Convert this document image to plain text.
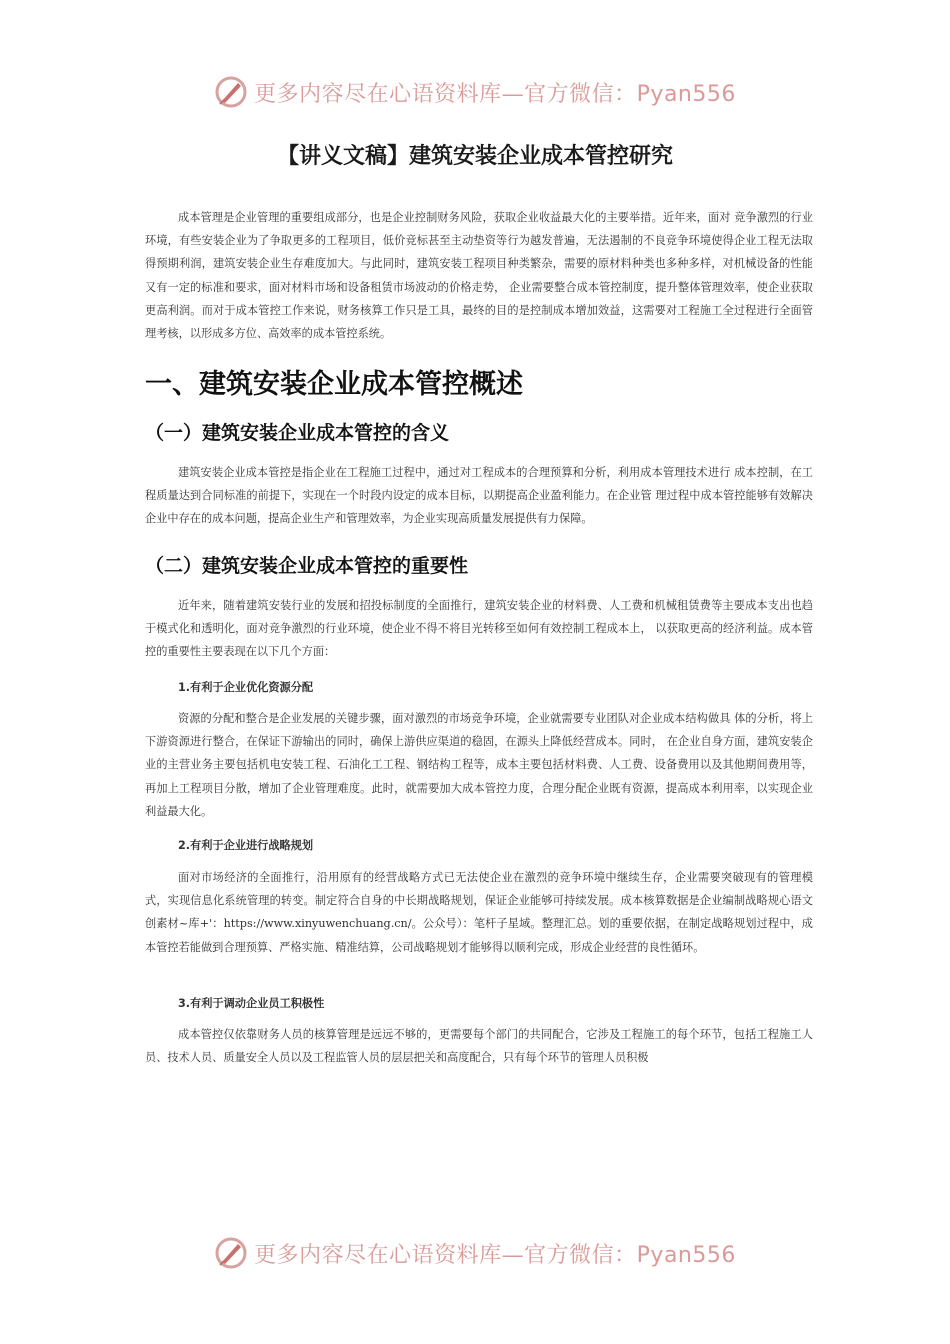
更多内容尽在心语资料库—官方微信：Pyan556
【讲义文稿】建筑安装企业成本管控研究

成本管理是企业管理的重要组成部分，也是企业控制财务风险，获取企业收益最大化的主要举措。近年来，面对 竞争激烈的行业环境，有些安装企业为了争取更多的工程项目，低价竞标甚至主动垫资等行为越发普遍，无法遏制的不良竞争环境使得企业工程无法取得预期利润，建筑安装企业生存难度加大。与此同时，建筑安装工程项目种类繁杂，需要的原材料种类也多种多样，对机械设备的性能又有一定的标准和要求，面对材料市场和设备租赁市场波动的价格走势， 企业需要整合成本管控制度，提升整体管理效率，使企业获取更高利润。而对于成本管控工作来说，财务核算工作只是工具，最终的目的是控制成本增加效益，这需要对工程施工全过程进行全面管理考核，以形成多方位、高效率的成本管控系统。

一、建筑安装企业成本管控概述
（一）建筑安装企业成本管控的含义

建筑安装企业成本管控是指企业在工程施工过程中，通过对工程成本的合理预算和分析，利用成本管理技术进行 成本控制，在工程质量达到合同标准的前提下，实现在一个时段内设定的成本目标，以期提高企业盈利能力。在企业管 理过程中成本管控能够有效解决企业中存在的成本问题，提高企业生产和管理效率，为企业实现高质量发展提供有力保障。

（二）建筑安装企业成本管控的重要性

近年来，随着建筑安装行业的发展和招投标制度的全面推行，建筑安装企业的材料费、人工费和机械租赁费等主要成本支出也趋于模式化和透明化，面对竞争激烈的行业环境，使企业不得不将目光转移至如何有效控制工程成本上， 以获取更高的经济利益。成本管控的重要性主要表现在以下几个方面：

1.有利于企业优化资源分配

资源的分配和整合是企业发展的关键步骤，面对激烈的市场竞争环境，企业就需要专业团队对企业成本结构做具 体的分析，将上下游资源进行整合，在保证下游输出的同时，确保上游供应渠道的稳固，在源头上降低经营成本。同时， 在企业自身方面，建筑安装企业的主营业务主要包括机电安装工程、石油化工工程、钢结构工程等，成本主要包括材料费、人工费、设备费用以及其他期间费用等，再加上工程项目分散，增加了企业管理难度。此时，就需要加大成本管控力度，合理分配企业既有资源，提高成本利用率，以实现企业利益最大化。

2.有利于企业进行战略规划

面对市场经济的全面推行，沿用原有的经营战略方式已无法使企业在激烈的竞争环境中继续生存，企业需要突破现有的管理模式，实现信息化系统管理的转变。制定符合自身的中长期战略规划，保证企业能够可持续发展。成本核算数据是企业编制战略规心语文创素材~库+'：https://www.xinyuwenchuang.cn/。公众号）：笔杆子星域。整理汇总。划的重要依据，在制定战略规划过程中，成本管控若能做到合理预算、严格实施、精准结算，公司战略规划才能够得以顺利完成，形成企业经营的良性循环。

3.有利于调动企业员工积极性

成本管控仅依靠财务人员的核算管理是远远不够的，更需要每个部门的共同配合，它涉及工程施工的每个环节，包括工程施工人员、技术人员、质量安全人员以及工程监管人员的层层把关和高度配合，只有每个环节的管理人员积极

更多内容尽在心语资料库—官方微信：Pyan556
